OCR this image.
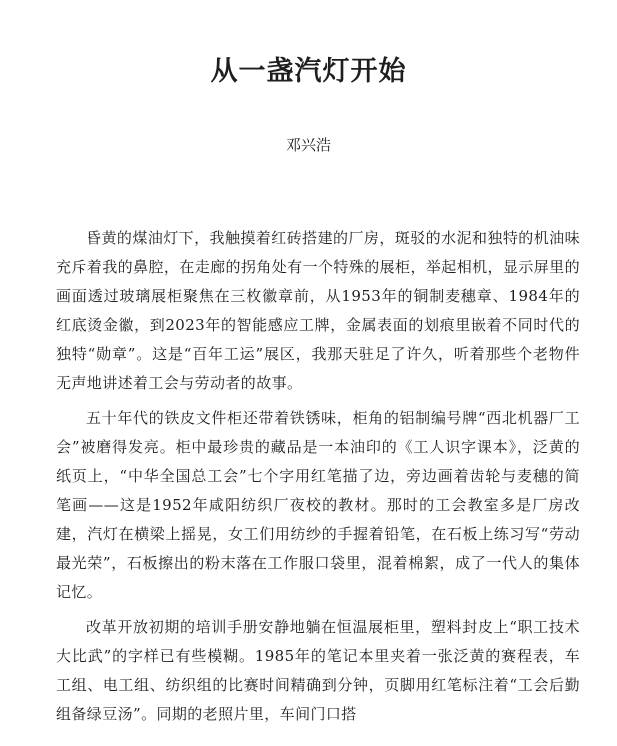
从一盏汽灯开始

邓兴浩

昏黄的煤油灯下，我触摸着红砖搭建的厂房，斑驳的水泥和独特的机油味充斥着我的鼻腔，在走廊的拐角处有一个特殊的展柜，举起相机，显示屏里的画面透过玻璃展柜聚焦在三枚徽章前，从1953年的铜制麦穗章、1984年的红底烫金徽，到2023年的智能感应工牌，金属表面的划痕里嵌着不同时代的独特“勋章”。这是“百年工运”展区，我那天驻足了许久，听着那些个老物件无声地讲述着工会与劳动者的故事。

五十年代的铁皮文件柜还带着铁锈味，柜角的铝制编号牌“西北机器厂工会”被磨得发亮。柜中最珍贵的藏品是一本油印的《工人识字课本》，泛黄的纸页上，“中华全国总工会”七个字用红笔描了边，旁边画着齿轮与麦穗的简笔画——这是1952年咸阳纺织厂夜校的教材。那时的工会教室多是厂房改建，汽灯在横梁上摇晃，女工们用纺纱的手握着铅笔，在石板上练习写“劳动最光荣”，石板擦出的粉末落在工作服口袋里，混着棉絮，成了一代人的集体记忆。

改革开放初期的培训手册安静地躺在恒温展柜里，塑料封皮上“职工技术大比武”的字样已有些模糊。1985年的笔记本里夹着一张泛黄的赛程表，车工组、电工组、纺织组的比赛时间精确到分钟，页脚用红笔标注着“工会后勤组备绿豆汤”。同期的老照片里，车间门口搭
